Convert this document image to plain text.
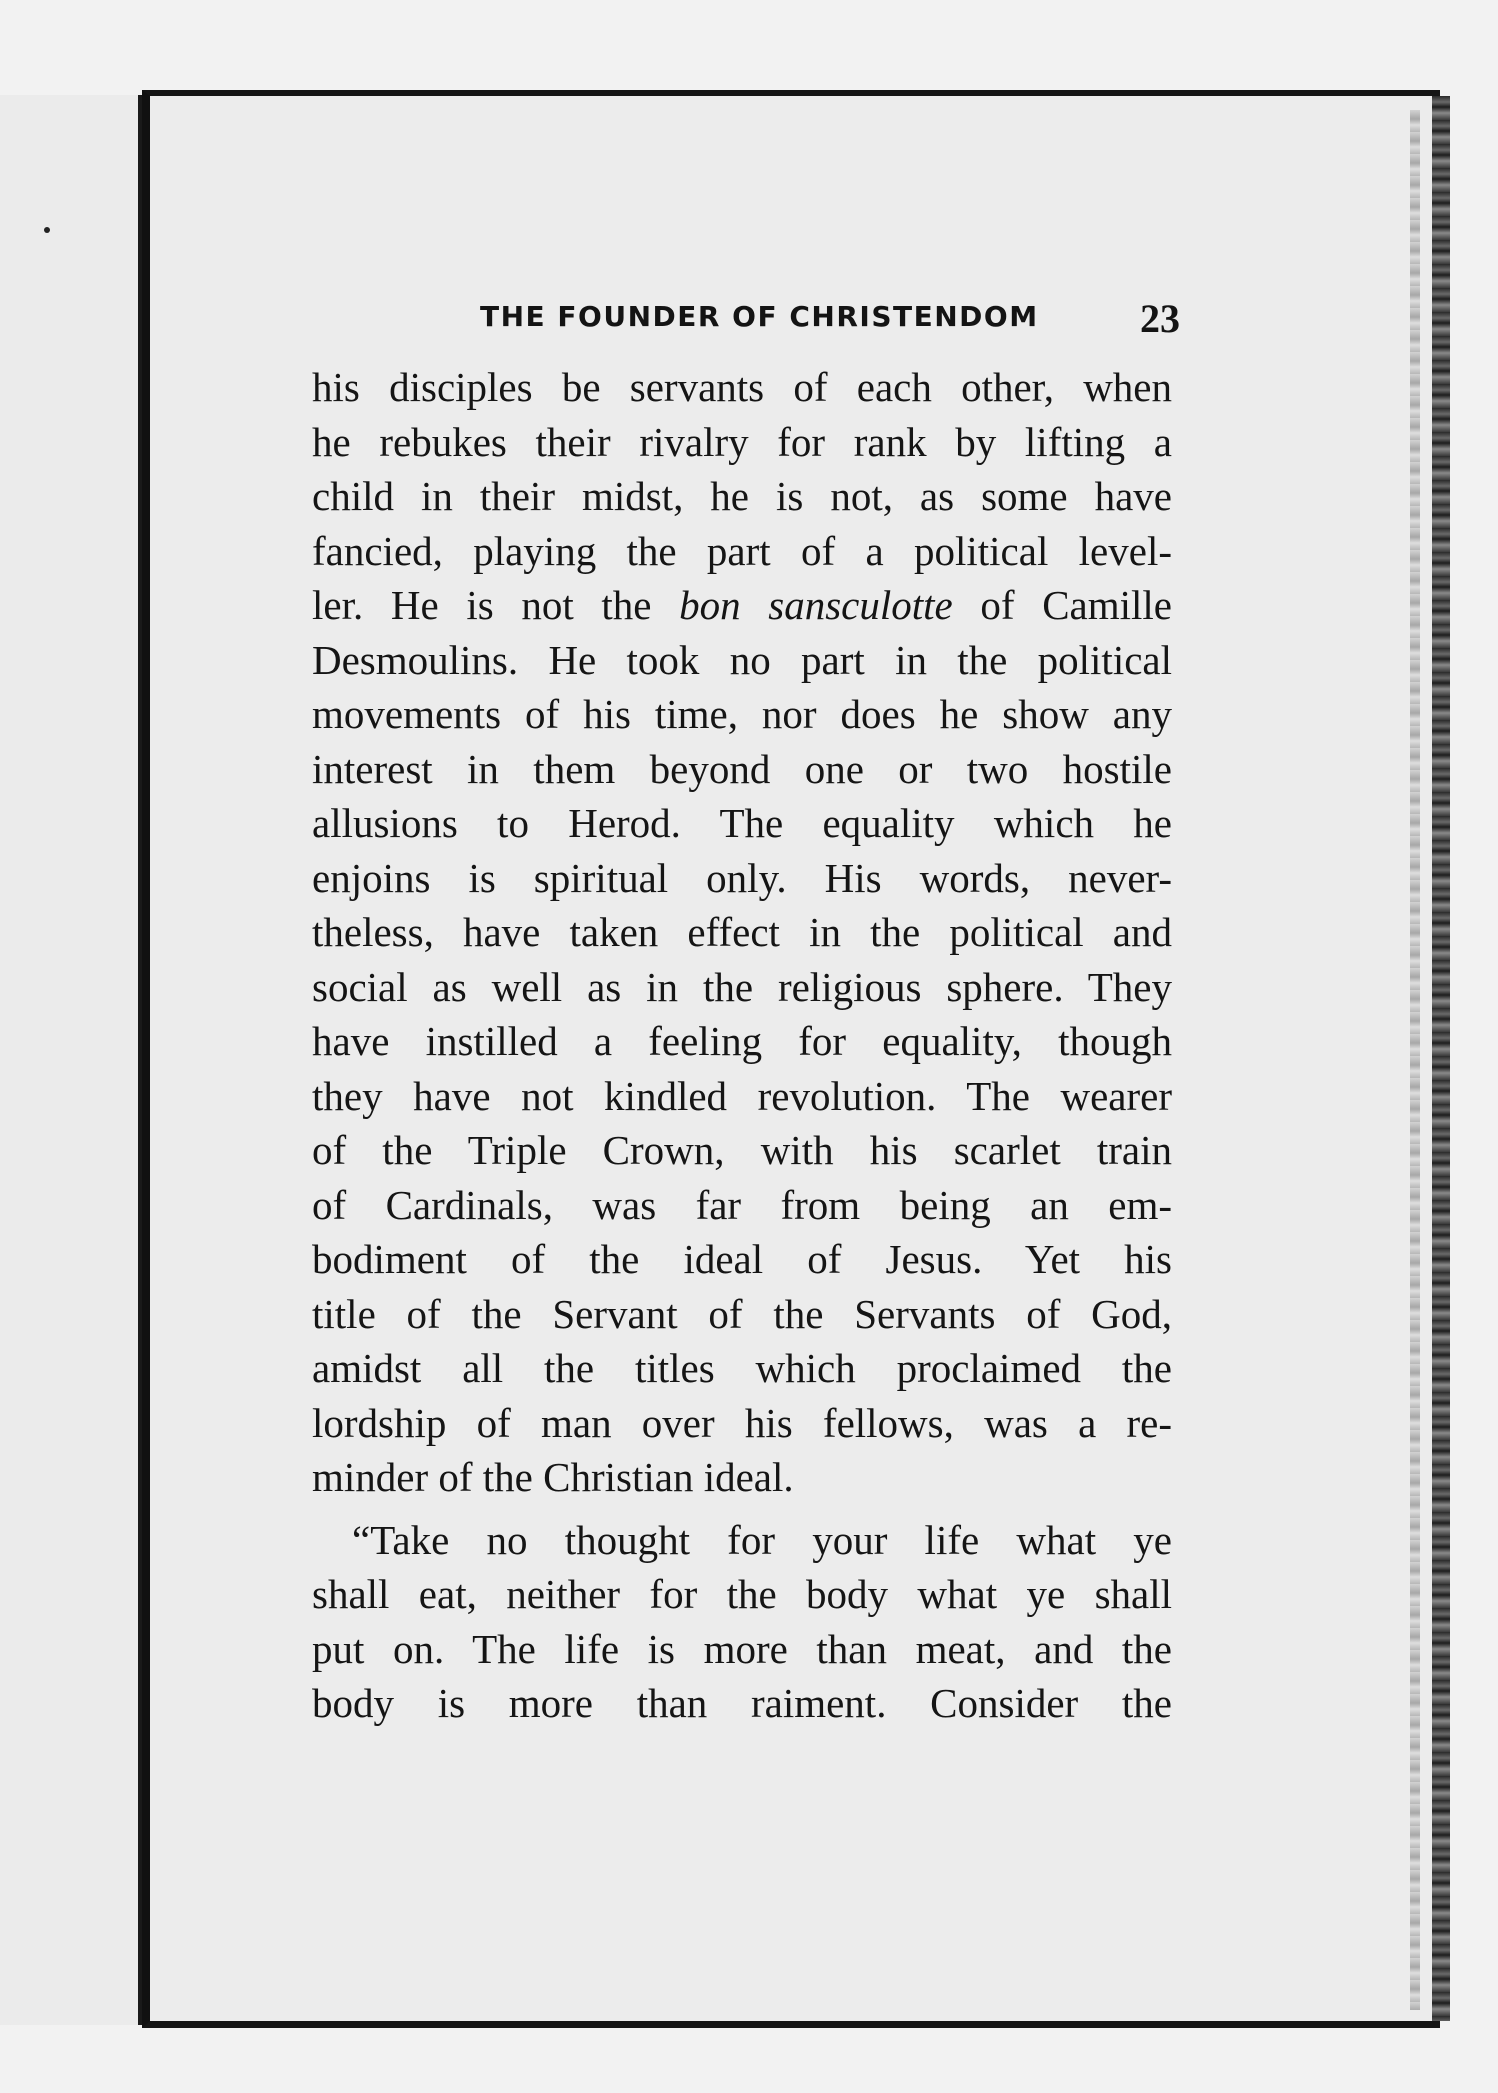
THE FOUNDER OF CHRISTENDOM	23
his disciples be servants of each other, when
he rebukes their rivalry for rank by lifting a
child in their midst, he is not, as some have
fancied, playing the part of a political level-
ler. He is not the bon sansculotte of Camille
Desmoulins. He took no part in the political
movements of his time, nor does he show any
interest in them beyond one or two hostile
allusions to Herod. The equality which he
enjoins is spiritual only. His words, never-
theless, have taken effect in the political and
social as well as in the religious sphere. They
have instilled a feeling for equality, though
they have not kindled revolution. The wearer
of the Triple Crown, with his scarlet train
of Cardinals, was far from being an em-
bodiment of the ideal of Jesus. Yet his
title of the Servant of the Servants of God,
amidst all the titles which proclaimed the
lordship of man over his fellows, was a re-
minder of the Christian ideal.
“Take no thought for your life what ye
shall eat, neither for the body what ye shall
put on. The life is more than meat, and the
body is more than raiment. Consider the
